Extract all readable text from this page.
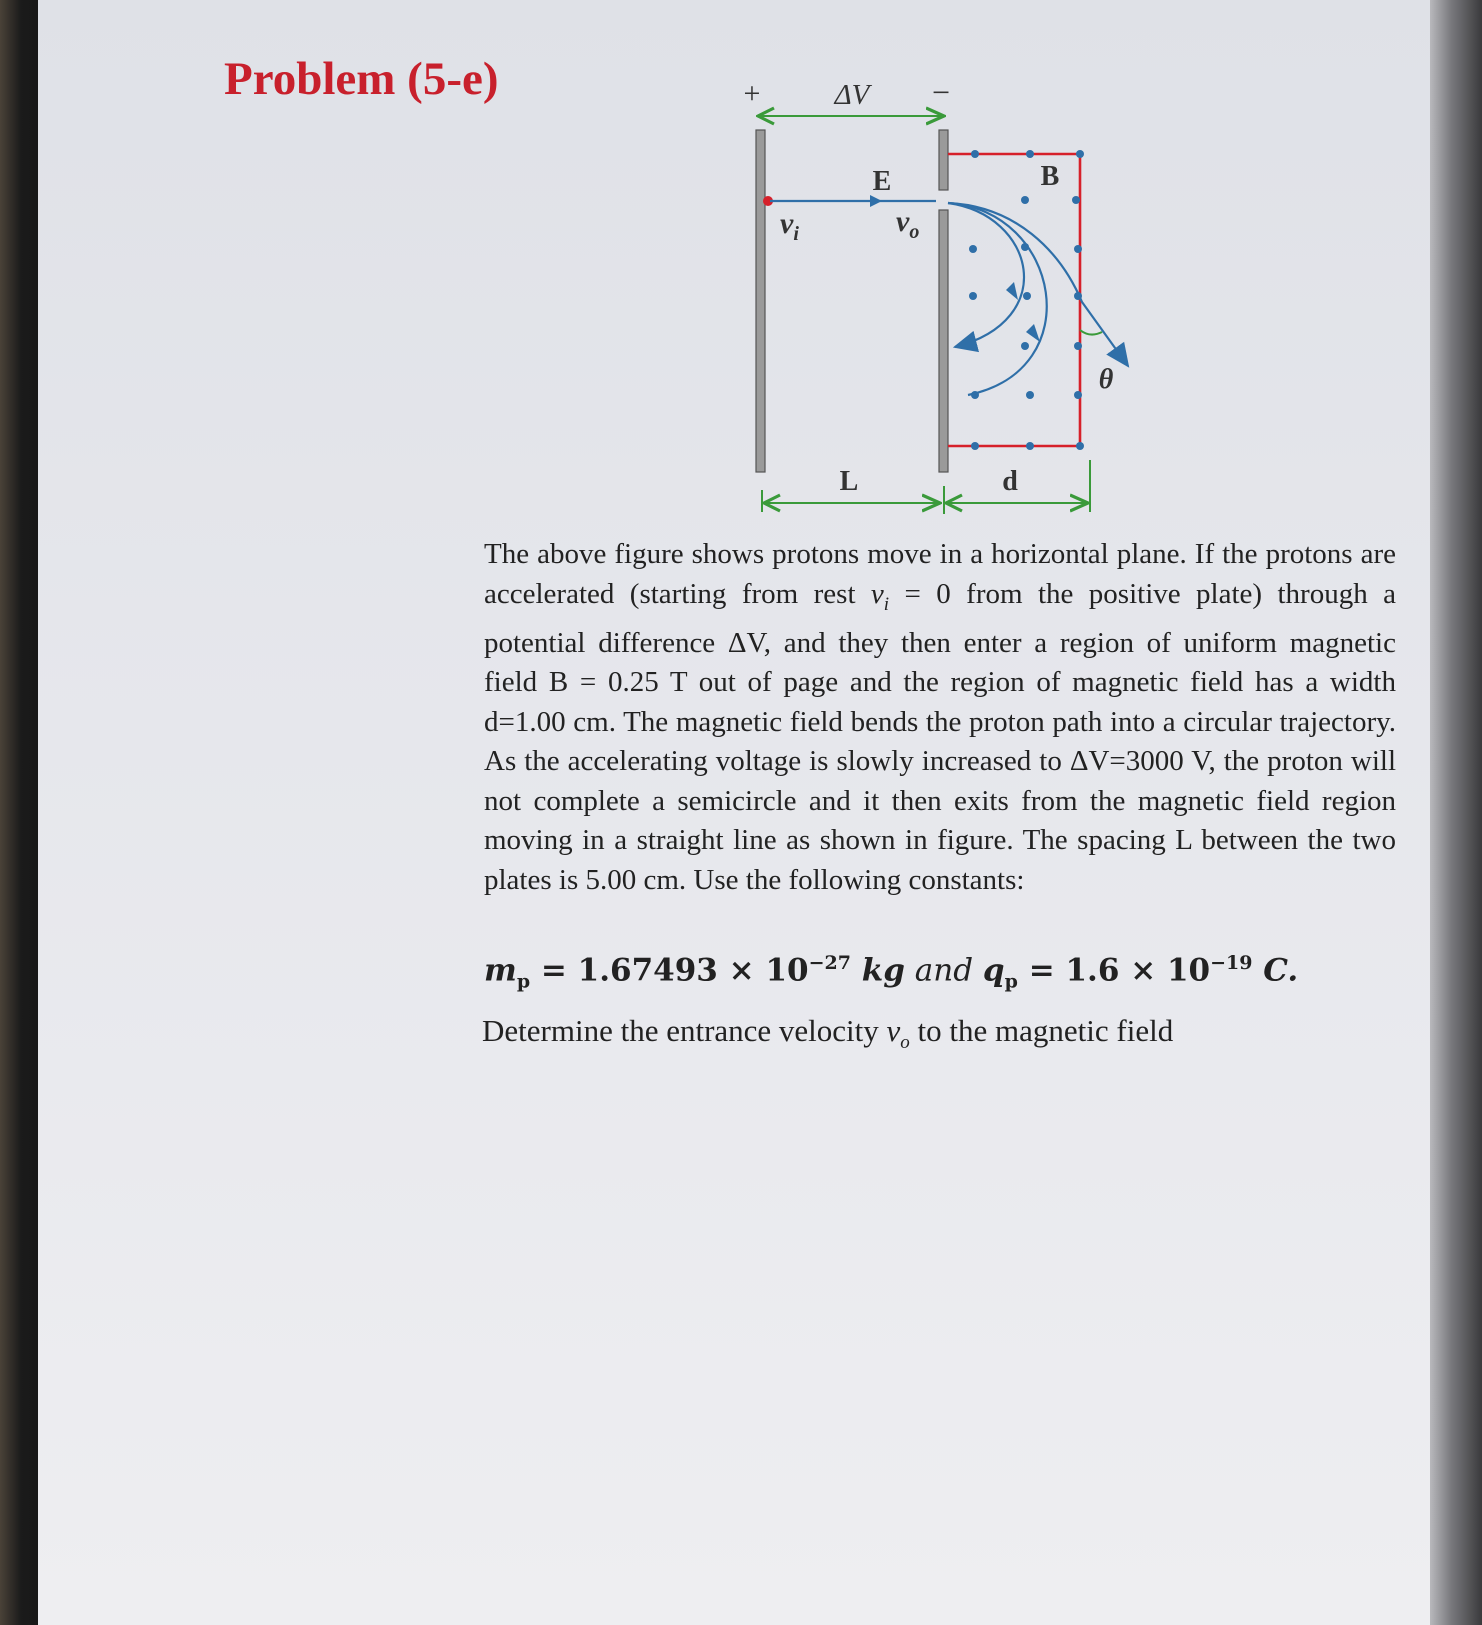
Problem (5-e)	+	ΔV −
E	B
$v_i$	$v_o$
θ
L	d

The above figure shows protons move in a horizontal plane. If the protons are accelerated (starting from rest $v_i = 0$ from the positive plate) through a potential difference ΔV, and they then enter a region of uniform magnetic field B = 0.25 T out of page and the region of magnetic field has a width d=1.00 cm. The magnetic field bends the proton path into a circular trajectory. As the accelerating voltage is slowly increased to ΔV=3000 V, the proton will not complete a semicircle and it then exits from the magnetic field region moving in a straight line as shown in figure. The spacing L between the two plates is 5.00 cm. Use the following constants:

$m_p = 1.67493 \times 10^{-27}$ kg and $q_p = 1.6 \times 10^{-19}$ C.

Determine the entrance velocity $v_o$ to the magnetic field
